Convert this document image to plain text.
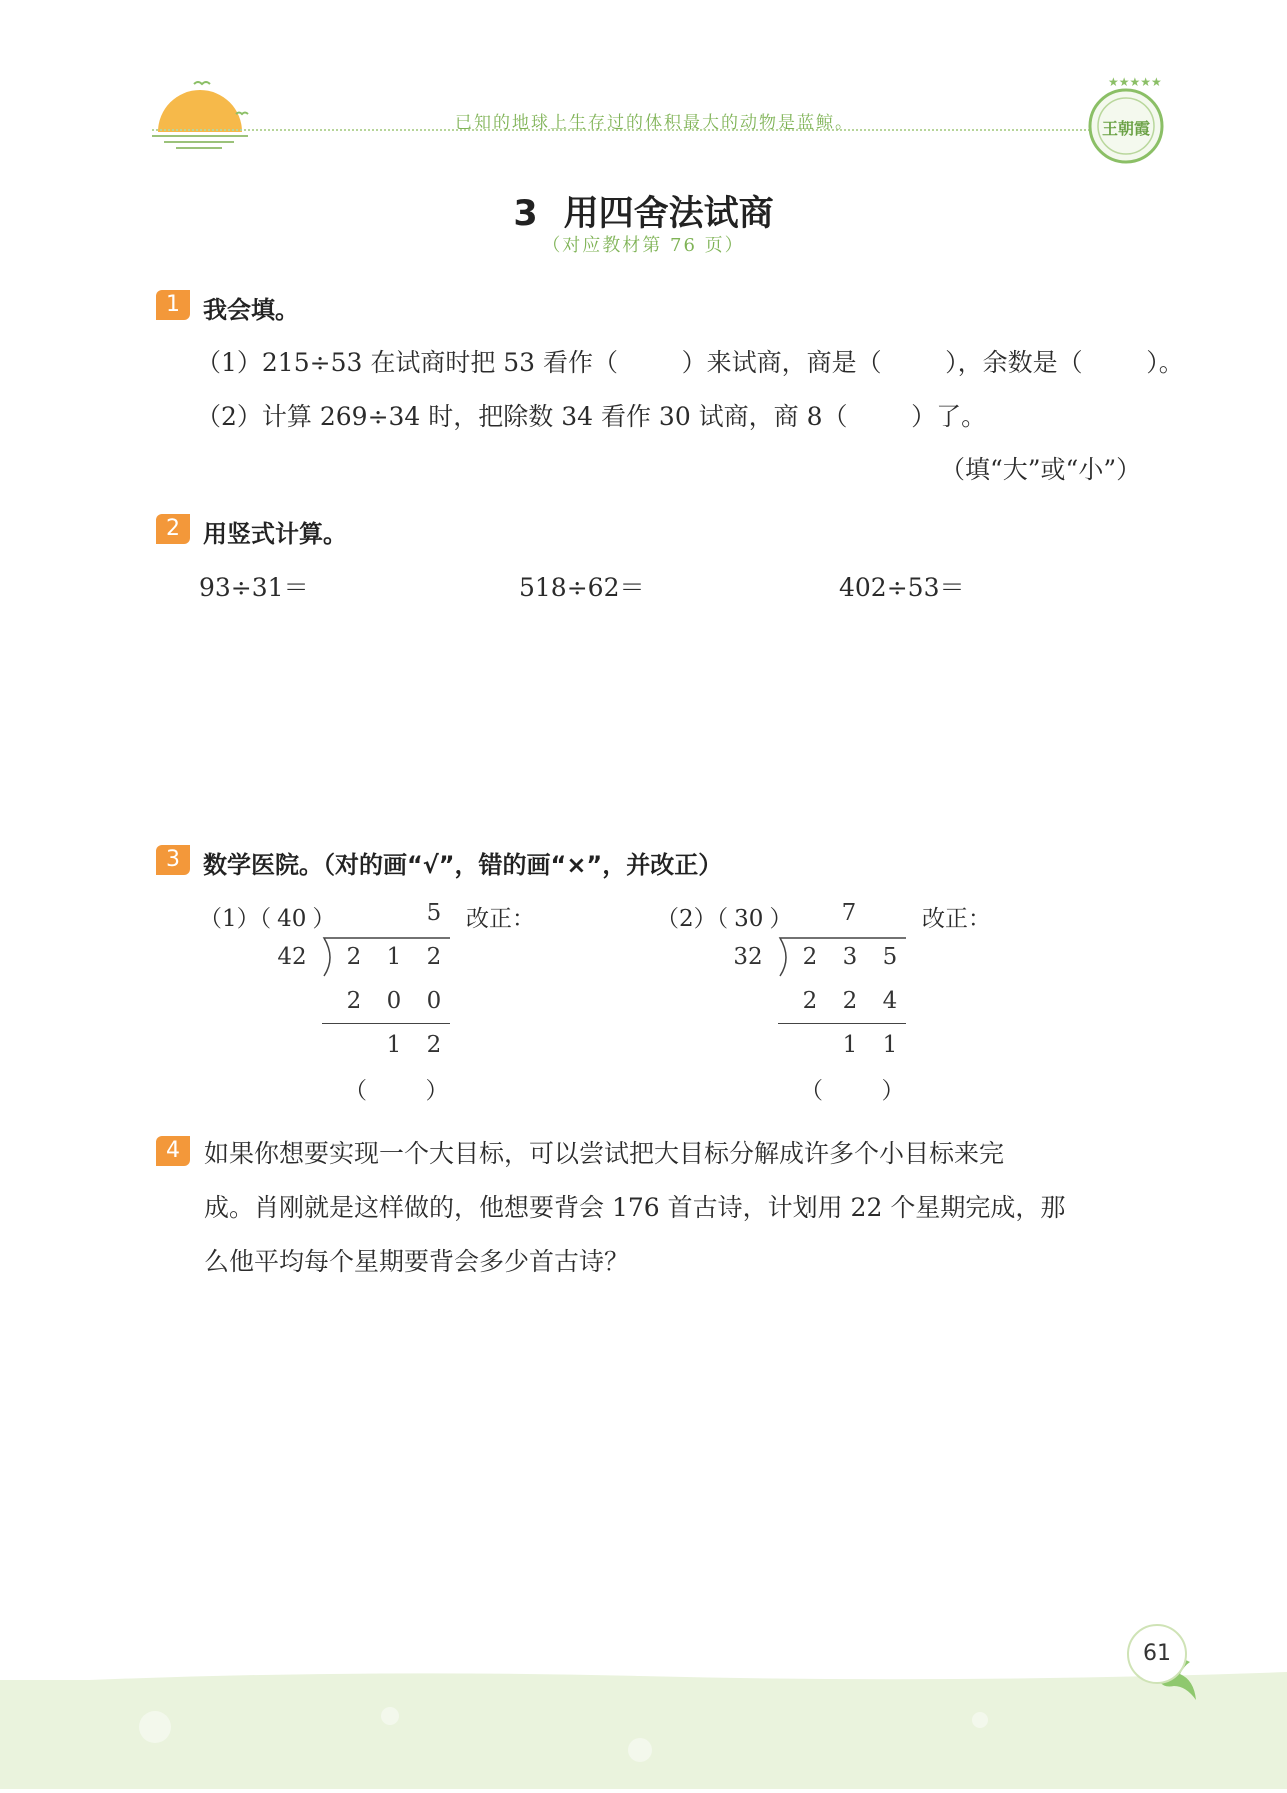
已知的地球上生存过的体积最大的动物是蓝鲸。
★★★★★
王朝霞
3 用四舍法试商
（对应教材第 76 页）
1 我会填。
（1）215÷53 在试商时把 53 看作（        ）来试商，商是（        ），余数是（        ）。
（2）计算 269÷34 时，把除数 34 看作 30 试商，商 8（        ）了。
（填“大”或“小”）
2 用竖式计算。
93÷31＝	518÷62＝	402÷53＝
3 数学医院。（对的画“√”，错的画“×”，并改正）
（1）（ 40 ）	5	改正：
42	2	1	2
2	0	0
1	2
（        ）
（2）（ 30 ）	7	改正：
32	2	3	5
2	2	4
1	1
（        ）
4 如果你想要实现一个大目标，可以尝试把大目标分解成许多个小目标来完
成。肖刚就是这样做的，他想要背会 176 首古诗，计划用 22 个星期完成，那
么他平均每个星期要背会多少首古诗？
61
